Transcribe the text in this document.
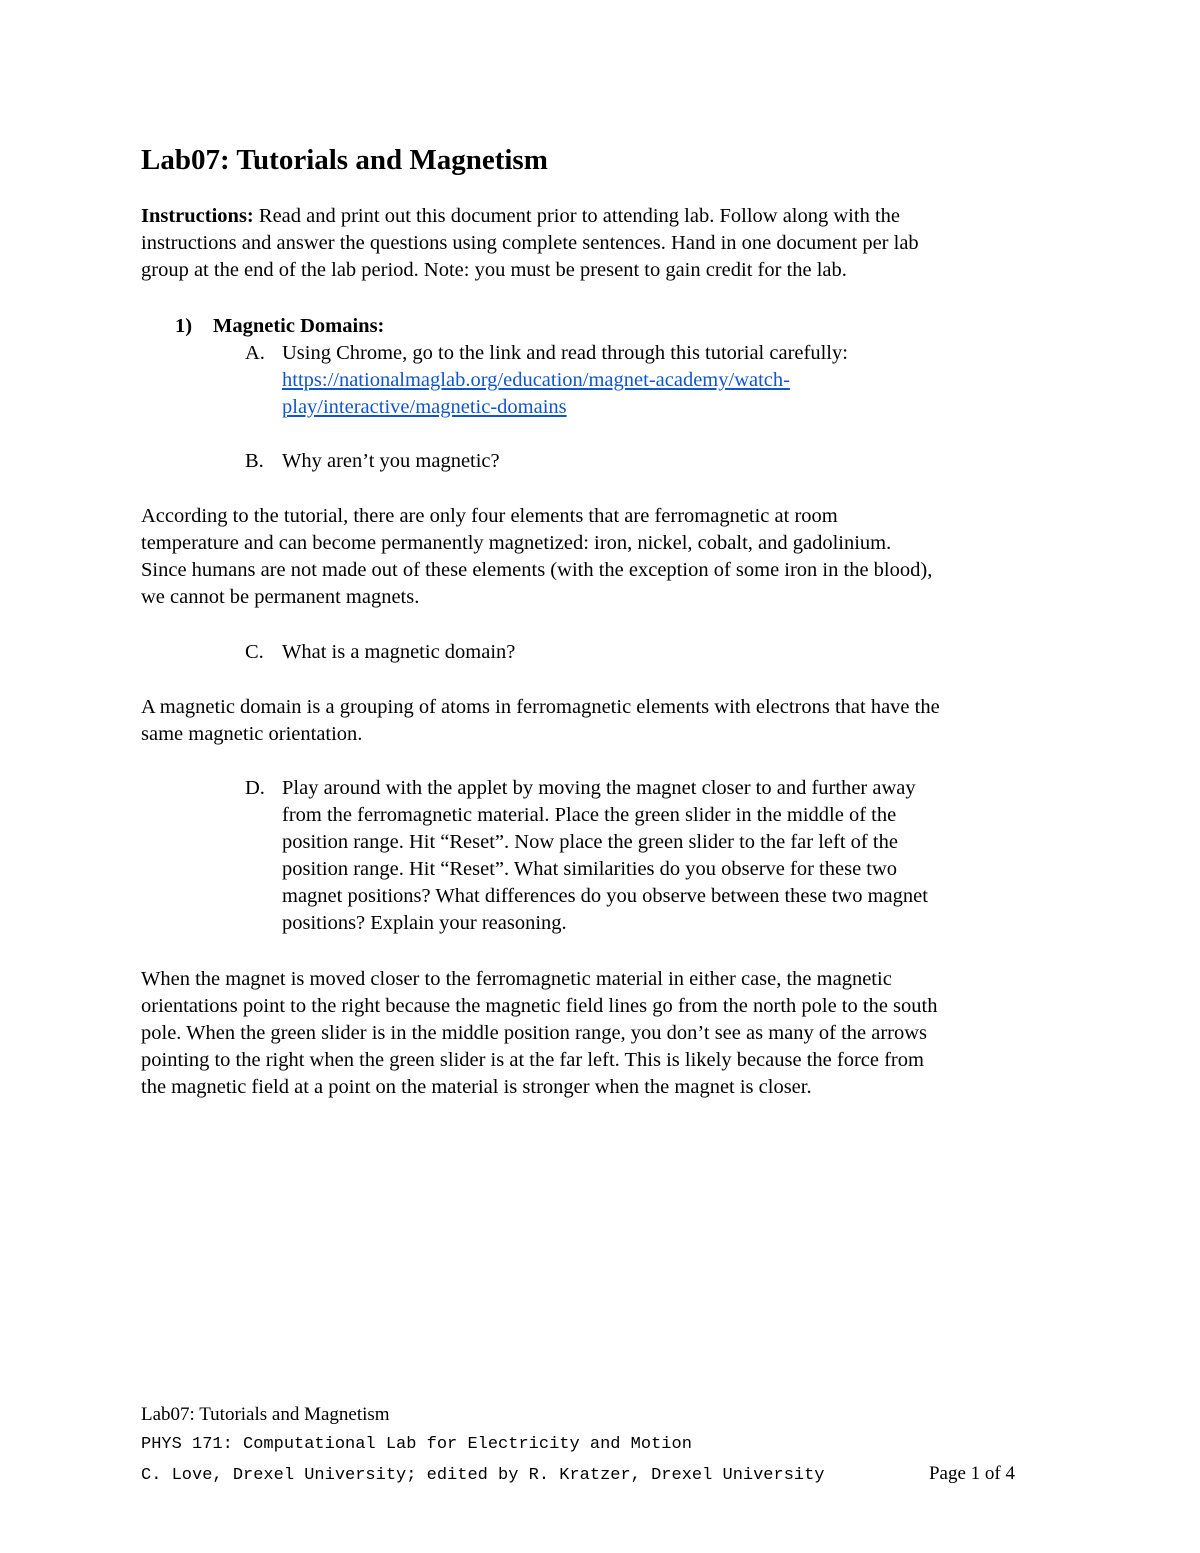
Lab07: Tutorials and Magnetism
Instructions: Read and print out this document prior to attending lab. Follow along with the
instructions and answer the questions using complete sentences. Hand in one document per lab
group at the end of the lab period. Note: you must be present to gain credit for the lab.
1) Magnetic Domains:
A. Using Chrome, go to the link and read through this tutorial carefully:
https://nationalmaglab.org/education/magnet-academy/watch-
play/interactive/magnetic-domains
B. Why aren’t you magnetic?
According to the tutorial, there are only four elements that are ferromagnetic at room
temperature and can become permanently magnetized: iron, nickel, cobalt, and gadolinium.
Since humans are not made out of these elements (with the exception of some iron in the blood),
we cannot be permanent magnets.
C. What is a magnetic domain?
A magnetic domain is a grouping of atoms in ferromagnetic elements with electrons that have the
same magnetic orientation.
D. Play around with the applet by moving the magnet closer to and further away
from the ferromagnetic material. Place the green slider in the middle of the
position range. Hit “Reset”. Now place the green slider to the far left of the
position range. Hit “Reset”. What similarities do you observe for these two
magnet positions? What differences do you observe between these two magnet
positions? Explain your reasoning.
When the magnet is moved closer to the ferromagnetic material in either case, the magnetic
orientations point to the right because the magnetic field lines go from the north pole to the south
pole. When the green slider is in the middle position range, you don’t see as many of the arrows
pointing to the right when the green slider is at the far left. This is likely because the force from
the magnetic field at a point on the material is stronger when the magnet is closer.
Lab07: Tutorials and Magnetism
PHYS 171: Computational Lab for Electricity and Motion
C. Love, Drexel University; edited by R. Kratzer, Drexel University	Page 1 of 4
